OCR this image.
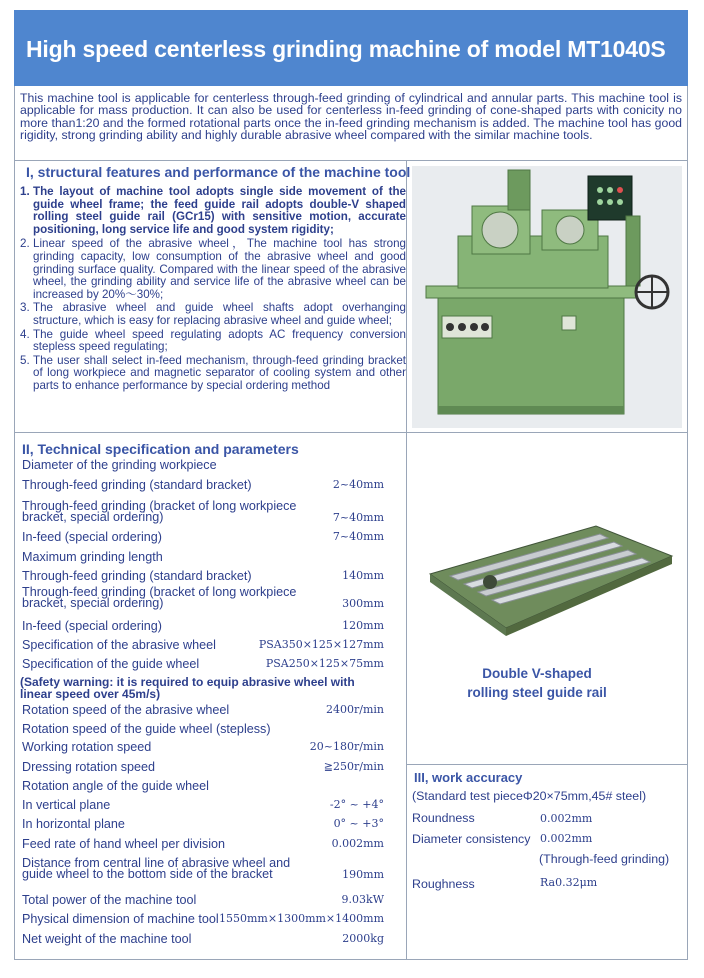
High speed centerless grinding machine of model MT1040S
This machine tool is applicable for centerless through-feed grinding of cylindrical and annular parts. This machine tool is applicable for mass production. It can also be used for centerless in-feed grinding of cone-shaped parts with conicity no more than1:20 and the formed rotational parts once the in-feed grinding mechanism is added. The machine tool has good rigidity, strong grinding ability and highly durable abrasive wheel compared with the similar machine tools.
I, structural features and performance of the machine tool
1. The layout of machine tool adopts single side movement of the guide wheel frame; the feed guide rail adopts double-V shaped rolling steel guide rail (GCr15) with sensitive motion, accurate positioning, long service life and good system rigidity;
2. Linear speed of the abrasive wheel，The machine tool has strong grinding capacity, low consumption of the abrasive wheel and good grinding surface quality. Compared with the linear speed of the abrasive wheel, the grinding ability and service life of the abrasive wheel can be increased by 20%～30%;
3. The abrasive wheel and guide wheel shafts adopt overhanging structure, which is easy for replacing abrasive wheel and guide wheel;
4. The guide wheel speed regulating adopts AC frequency conversion stepless speed regulating;
5. The user shall select in-feed mechanism, through-feed grinding bracket of long workpiece and magnetic separator of cooling system and other parts to enhance performance by special ordering method
II, Technical specification and parameters
Diameter of the grinding workpiece
Through-feed grinding (standard bracket)	2~40mm
Through-feed grinding (bracket of long workpiece bracket, special ordering)	7~40mm
In-feed (special ordering)	7~40mm
Maximum grinding length
Through-feed grinding (standard bracket)	140mm
Through-feed grinding (bracket of long workpiece bracket, special ordering)	300mm
In-feed (special ordering)	120mm
Specification of the abrasive wheel	PSA350×125×127mm
Specification of the guide wheel	PSA250×125×75mm
Rotation speed of the abrasive wheel	2400r/min
Rotation speed of the guide wheel (stepless)
Working rotation speed	20~180r/min
Dressing rotation speed	≧250r/min
Rotation angle of the guide wheel
In vertical plane	-2° ~ +4°
In horizontal plane	0° ~ +3°
Feed rate of hand wheel per division	0.002mm
Distance from central line of abrasive wheel and guide wheel to the bottom side of the bracket	190mm
Total power of the machine tool	9.03kW
Physical dimension of machine tool 1550mm×1300mm×1400mm
Net weight of the machine tool	2000kg
(Safety warning: it is required to equip abrasive wheel with linear speed over 45m/s)
Double V-shaped
rolling steel guide rail
III, work accuracy
(Standard test pieceΦ20×75mm,45# steel)
Roundness	0.002mm
Diameter consistency 0.002mm
(Through-feed grinding)
Roughness	Ra0.32μm
